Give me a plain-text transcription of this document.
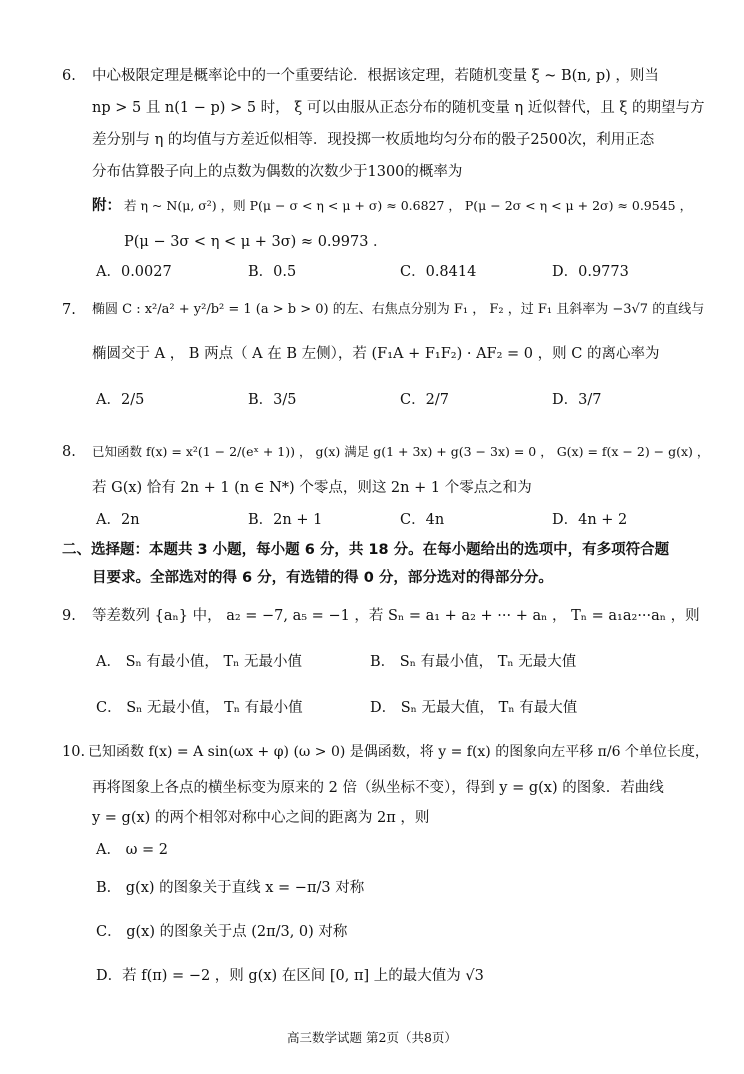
6. 中心极限定理是概率论中的一个重要结论．根据该定理，若随机变量 ξ ~ B(n, p) ，则当
np > 5 且 n(1 − p) > 5 时， ξ 可以由服从正态分布的随机变量 η 近似替代，且 ξ 的期望与方
差分别与 η 的均值与方差近似相等．现投掷一枚质地均匀分布的骰子2500次，利用正态
分布估算骰子向上的点数为偶数的次数少于1300的概率为
附： 若 η ~ N(μ, σ²) ，则 P(μ − σ < η < μ + σ) ≈ 0.6827 ， P(μ − 2σ < η < μ + 2σ) ≈ 0.9545 ，
P(μ − 3σ < η < μ + 3σ) ≈ 0.9973 ．
A．0.0027	B．0.5	C．0.8414	D．0.9773
7. 椭圆 C : x²/a² + y²/b² = 1 (a > b > 0) 的左、右焦点分别为 F₁ ， F₂ ，过 F₁ 且斜率为 −3√7 的直线与
椭圆交于 A ， B 两点（ A 在 B 左侧），若 (F₁A + F₁F₂) · AF₂ = 0 ，则 C 的离心率为
A．2/5	B．3/5	C．2/7	D．3/7
8. 已知函数 f(x) = x²(1 − 2/(eˣ + 1)) ， g(x) 满足 g(1 + 3x) + g(3 − 3x) = 0 ， G(x) = f(x − 2) − g(x) ，
若 G(x) 恰有 2n + 1 (n ∈ N*) 个零点，则这 2n + 1 个零点之和为
A．2n	B．2n + 1	C．4n	D．4n + 2
二、选择题：本题共 3 小题，每小题 6 分，共 18 分。在每小题给出的选项中，有多项符合题
目要求。全部选对的得 6 分，有选错的得 0 分，部分选对的得部分分。
9. 等差数列 {aₙ} 中， a₂ = −7, a₅ = −1 ，若 Sₙ = a₁ + a₂ + ··· + aₙ ， Tₙ = a₁a₂···aₙ ，则
A． Sₙ 有最小值， Tₙ 无最小值	B． Sₙ 有最小值， Tₙ 无最大值
C． Sₙ 无最小值， Tₙ 有最小值	D． Sₙ 无最大值， Tₙ 有最大值
10. 已知函数 f(x) = A sin(ωx + φ) (ω > 0) 是偶函数，将 y = f(x) 的图象向左平移 π/6 个单位长度，
再将图象上各点的横坐标变为原来的 2 倍（纵坐标不变），得到 y = g(x) 的图象．若曲线
y = g(x) 的两个相邻对称中心之间的距离为 2π ，则
A． ω = 2
B． g(x) 的图象关于直线 x = −π/3 对称
C． g(x) 的图象关于点 (2π/3, 0) 对称
D．若 f(π) = −2 ，则 g(x) 在区间 [0, π] 上的最大值为 √3
高三数学试题 第2页（共8页）
